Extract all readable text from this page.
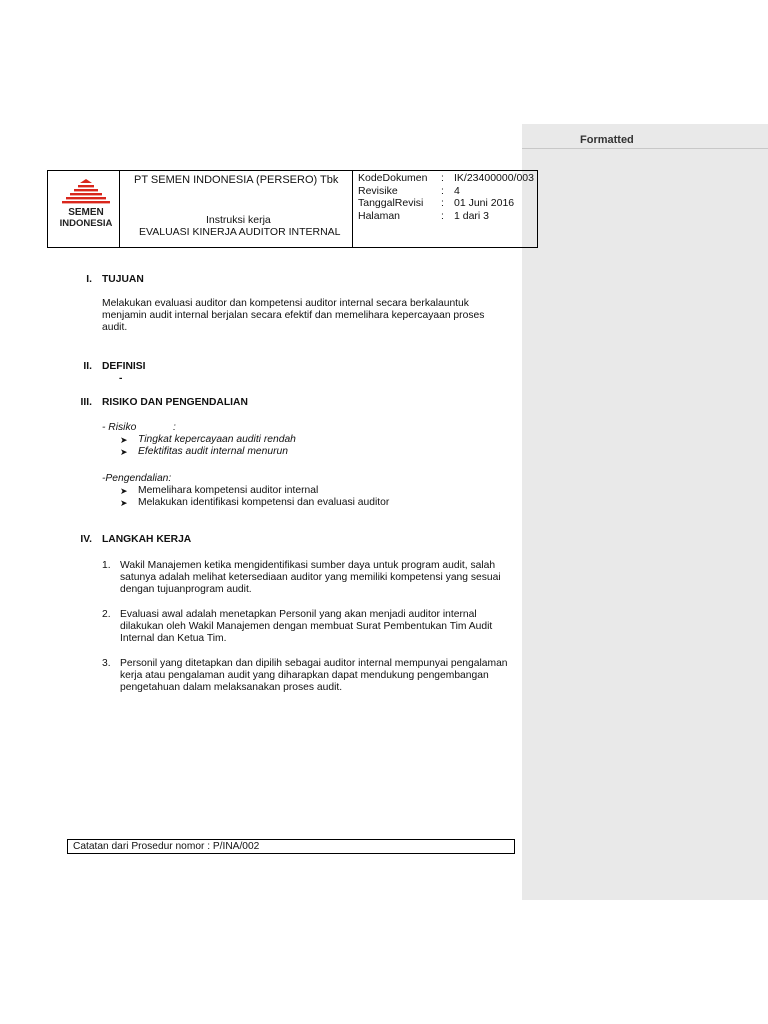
Formatted
SEMEN
INDONESIA
PT SEMEN INDONESIA (PERSERO) Tbk
Instruksi kerja
EVALUASI KINERJA AUDITOR INTERNAL
KodeDokumen : IK/23400000/003
Revisike	: 4
TanggalRevisi : 01 Juni 2016
Halaman	: 1 dari 3
I. TUJUAN
Melakukan evaluasi auditor dan kompetensi auditor internal secara berkalauntuk
menjamin audit internal berjalan secara efektif dan memelihara kepercayaan proses
audit.
II. DEFINISI
-
III. RISIKO DAN PENGENDALIAN
- Risiko	:
➤ Tingkat kepercayaan auditi rendah
➤ Efektifitas audit internal menurun
-Pengendalian:
➤ Memelihara kompetensi auditor internal
➤ Melakukan identifikasi kompetensi dan evaluasi auditor
IV. LANGKAH KERJA
1. Wakil Manajemen ketika mengidentifikasi sumber daya untuk program audit, salah
satunya adalah melihat ketersediaan auditor yang memiliki kompetensi yang sesuai
dengan tujuanprogram audit.
2. Evaluasi awal adalah menetapkan Personil yang akan menjadi auditor internal
dilakukan oleh Wakil Manajemen dengan membuat Surat Pembentukan Tim Audit
Internal dan Ketua Tim.
3. Personil yang ditetapkan dan dipilih sebagai auditor internal mempunyai pengalaman
kerja atau pengalaman audit yang diharapkan dapat mendukung pengembangan
pengetahuan dalam melaksanakan proses audit.
Catatan dari Prosedur nomor : P/INA/002
